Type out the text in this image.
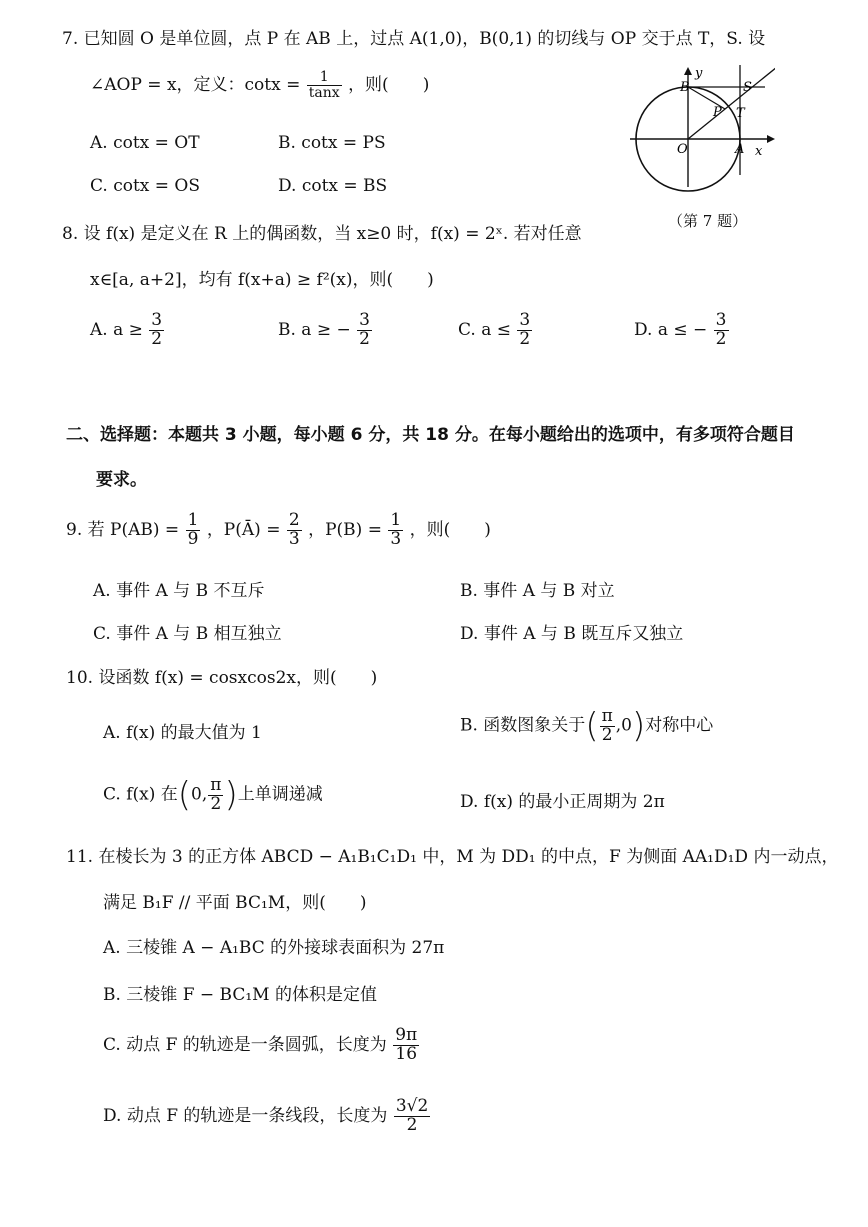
7. 已知圆 O 是单位圆，点 P 在 AB 上，过点 A(1,0)，B(0,1) 的切线与 OP 交于点 T，S. 设
∠AOP = x，定义：$\cot x = \frac{1}{\tan x}$ ，则(　　)
A. cotx = OT	B. cotx = PS
C. cotx = OS	D. cotx = BS
B
y
S
P T
O	A x
（第 7 题）
8. 设 f(x) 是定义在 R 上的偶函数，当 x≥0 时，f(x) = 2ˣ. 若对任意
x∈[a, a+2]，均有 f(x+a) ≥ f²(x)，则(　　)
A. $a \ge \frac{3}{2}$	B. a ≥ − $\frac{3}{2}$	C. $a \le \frac{3}{2}$	D. a ≤ − $\frac{3}{2}$
二、选择题：本题共 3 小题，每小题 6 分，共 18 分。在每小题给出的选项中，有多项符合题目
要求。
9. 若 $P(AB) = \frac{1}{9}$ ，P(Ā) = $\frac{2}{3}$ ，$P(B) = \frac{1}{3}$ ，则(　　)
A. 事件 A 与 B 不互斥	B. 事件 A 与 B 对立
C. 事件 A 与 B 相互独立	D. 事件 A 与 B 既互斥又独立
10. 设函数 f(x) = cosxcos2x，则(　　)
A. f(x) 的最大值为 1	B. 函数图象关于( $\frac{\pi}{2} ,0$)对称中心
C. f(x) 在(0, $\frac{\pi}{2}$ )上单调递减	D. f(x) 的最小正周期为 2π
11. 在棱长为 3 的正方体 ABCD − A₁B₁C₁D₁ 中，M 为 DD₁ 的中点，F 为侧面 AA₁D₁D 内一动点，
满足 B₁F // 平面 BC₁M，则(　　)
A. 三棱锥 A − A₁BC 的外接球表面积为 27π
B. 三棱锥 F − BC₁M 的体积是定值
C. 动点 F 的轨迹是一条圆弧，长度为 $\frac{9\pi}{16}$
D. 动点 F 的轨迹是一条线段，长度为 $\frac{3√2}{2}$
